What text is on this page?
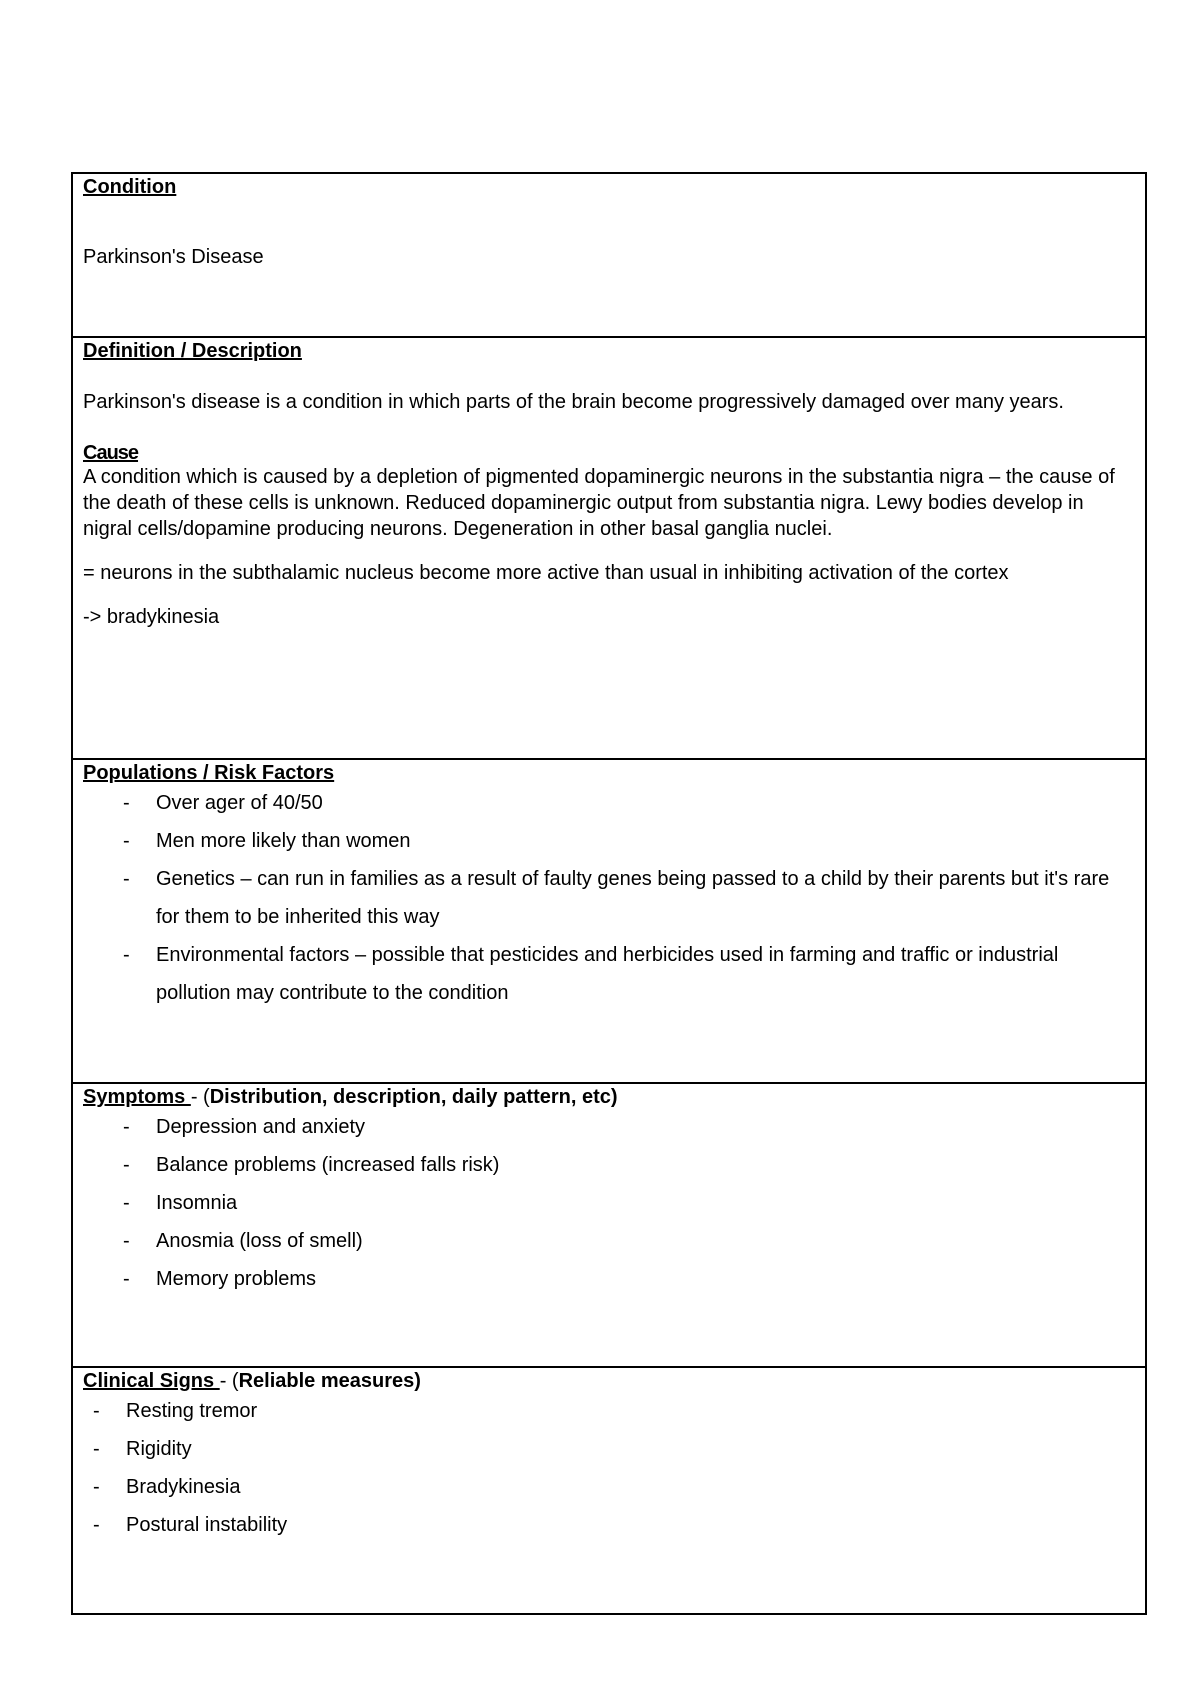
Condition

Parkinson's Disease

Definition / Description

Parkinson's disease is a condition in which parts of the brain become progressively damaged over many years.

Cause

A condition which is caused by a depletion of pigmented dopaminergic neurons in the substantia nigra – the cause of the death of these cells is unknown. Reduced dopaminergic output from substantia nigra. Lewy bodies develop in nigral cells/dopamine producing neurons. Degeneration in other basal ganglia nuclei.

= neurons in the subthalamic nucleus become more active than usual in inhibiting activation of the cortex

-> bradykinesia

Populations / Risk Factors
- Over ager of 40/50
- Men more likely than women
- Genetics – can run in families as a result of faulty genes being passed to a child by their parents but it's rare for them to be inherited this way
- Environmental factors – possible that pesticides and herbicides used in farming and traffic or industrial pollution may contribute to the condition
Symptoms - (Distribution, description, daily pattern, etc)
- Depression and anxiety
- Balance problems (increased falls risk)
- Insomnia
- Anosmia (loss of smell)
- Memory problems
Clinical Signs - (Reliable measures)
- Resting tremor
- Rigidity
- Bradykinesia
- Postural instability
